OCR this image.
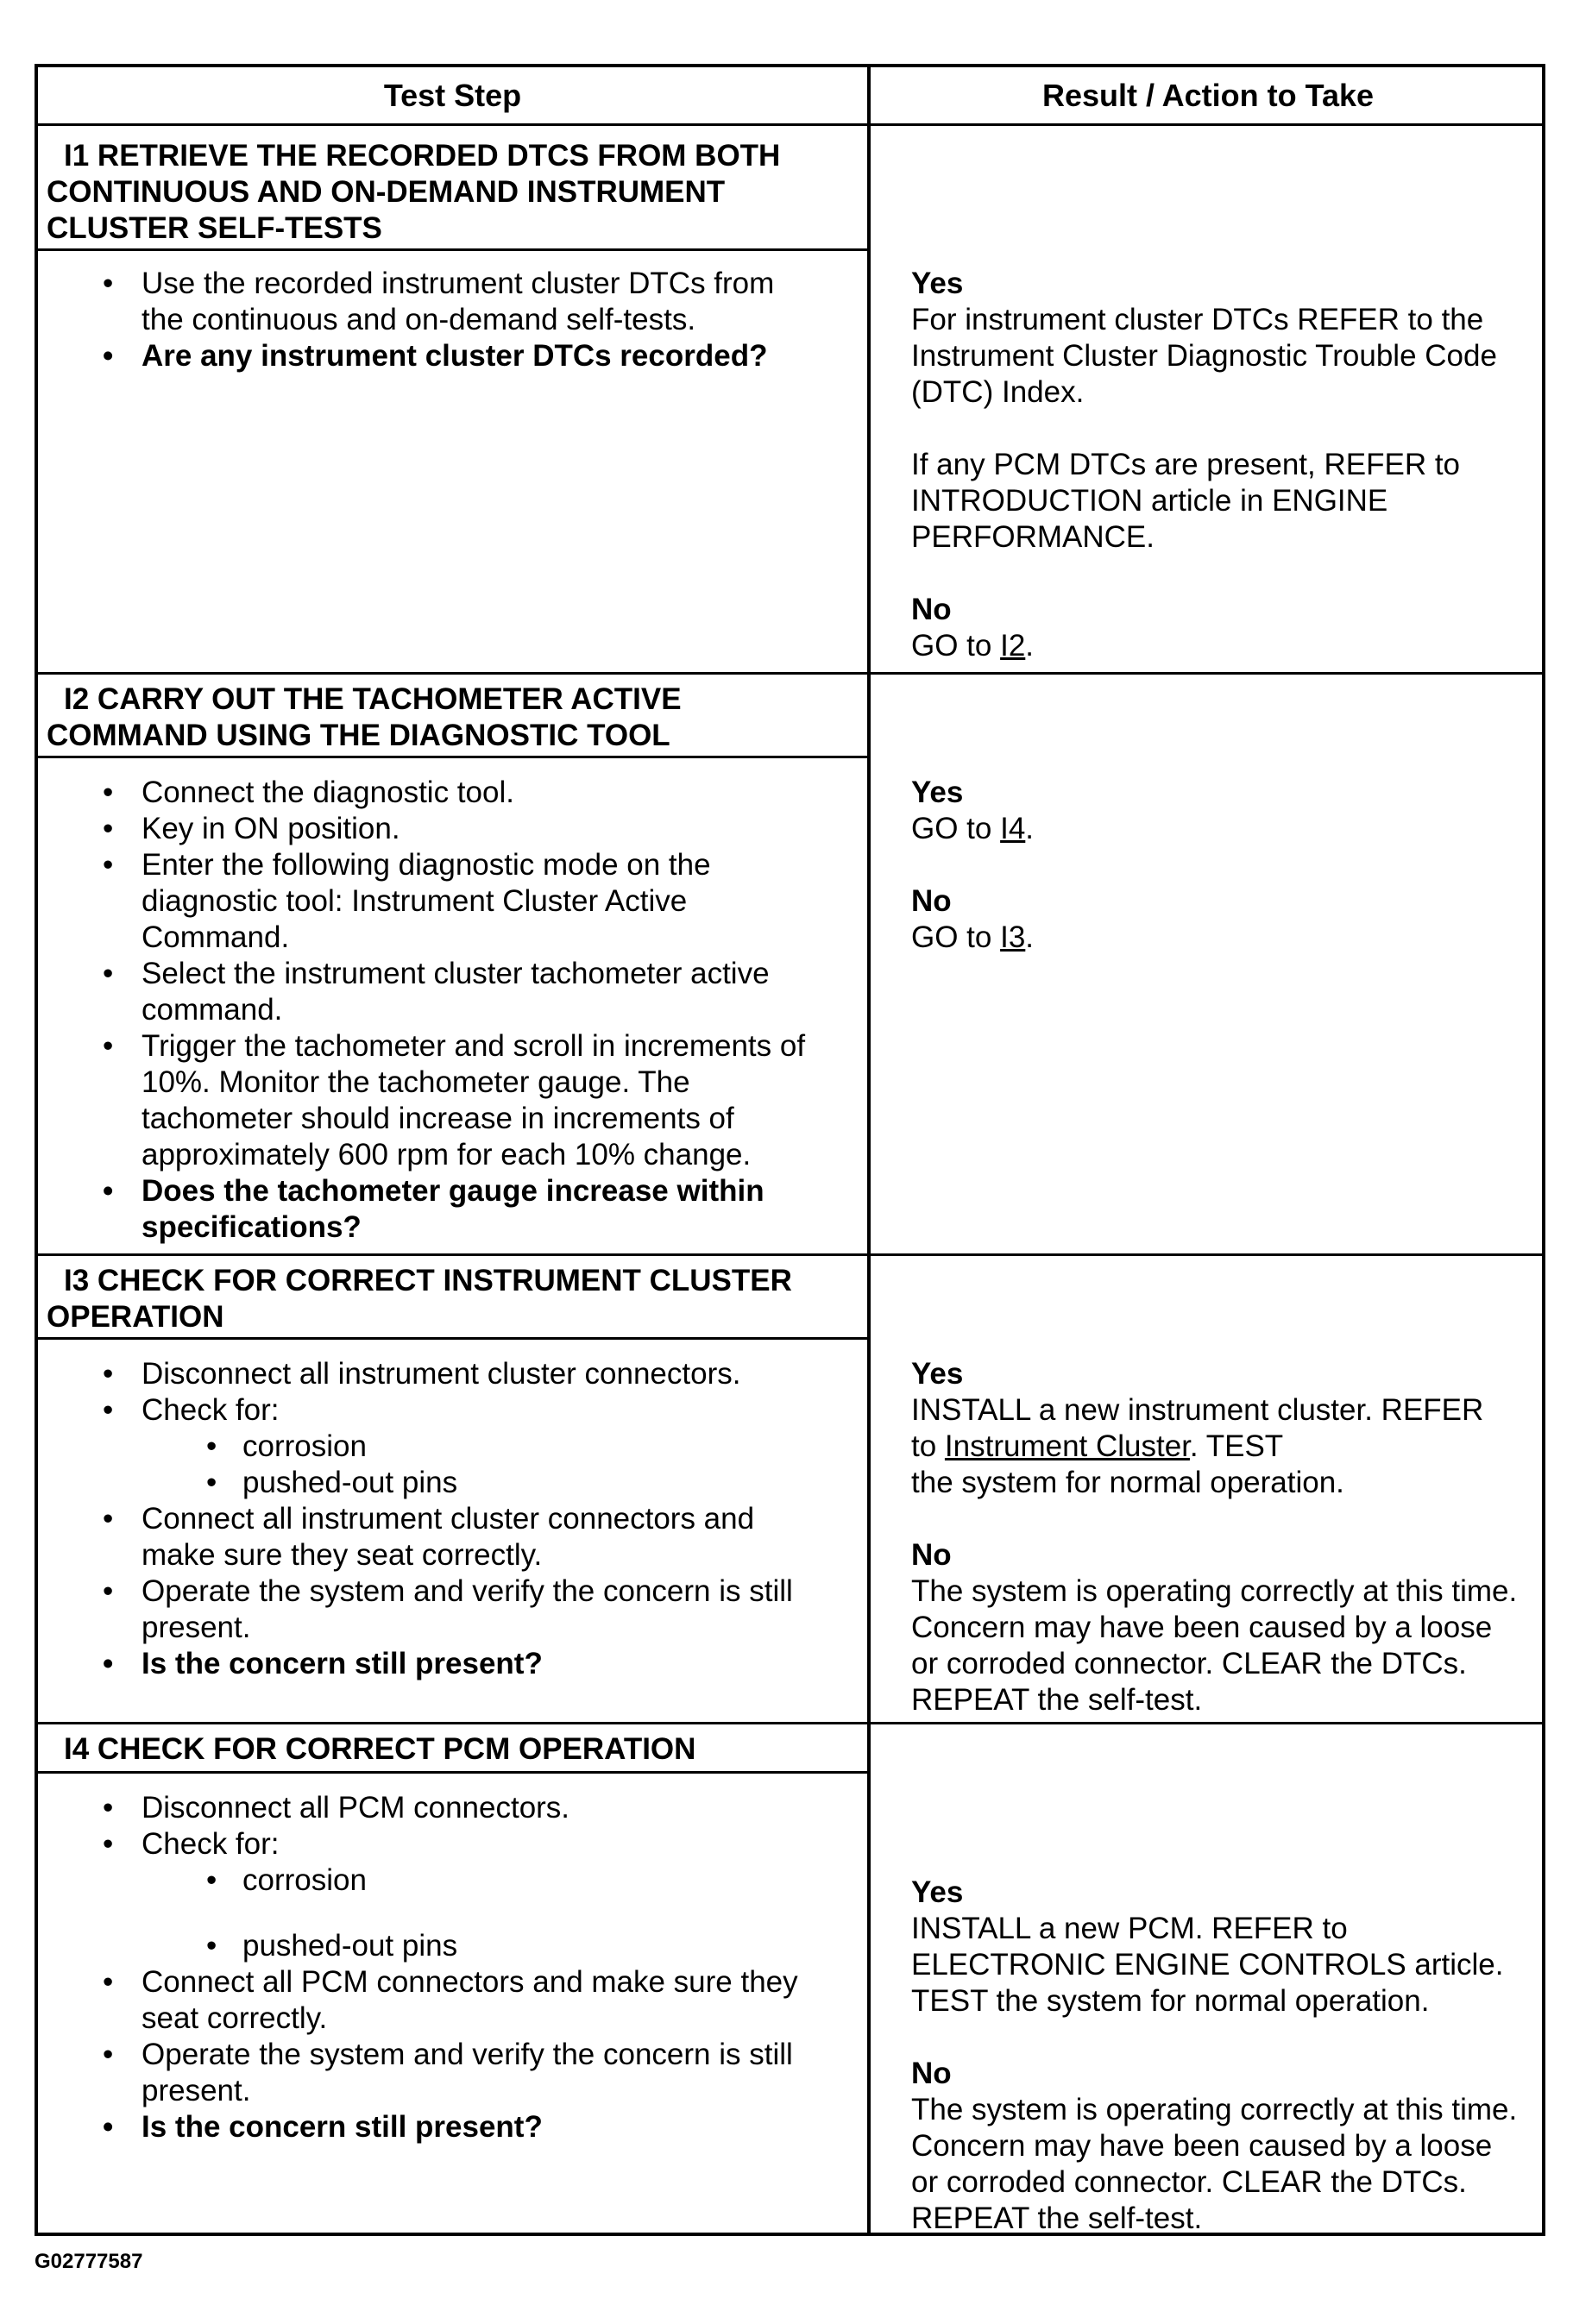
Test Step	Result / Action to Take
I1 RETRIEVE THE RECORDED DTCS FROM BOTH
CONTINUOUS AND ON-DEMAND INSTRUMENT
CLUSTER SELF-TESTS
• Use the recorded instrument cluster DTCs from
the continuous and on-demand self-tests.
• Are any instrument cluster DTCs recorded?
Yes

For instrument cluster DTCs REFER to the

Instrument Cluster Diagnostic Trouble Code

(DTC) Index.

If any PCM DTCs are present, REFER to

INTRODUCTION article in ENGINE

PERFORMANCE.

No

GO to I2.

I2 CARRY OUT THE TACHOMETER ACTIVE
COMMAND USING THE DIAGNOSTIC TOOL
• Connect the diagnostic tool.
• Key in ON position.
• Enter the following diagnostic mode on the
diagnostic tool: Instrument Cluster Active
Command.
• Select the instrument cluster tachometer active
command.
• Trigger the tachometer and scroll in increments of
10%. Monitor the tachometer gauge. The
tachometer should increase in increments of
approximately 600 rpm for each 10% change.
• Does the tachometer gauge increase within
specifications?
Yes

GO to I4.

No

GO to I3.

I3 CHECK FOR CORRECT INSTRUMENT CLUSTER
OPERATION
• Disconnect all instrument cluster connectors.
• Check for:
• corrosion
• pushed-out pins
• Connect all instrument cluster connectors and
make sure they seat correctly.
• Operate the system and verify the concern is still
present.
• Is the concern still present?
Yes

INSTALL a new instrument cluster. REFER

to Instrument Cluster. TEST

the system for normal operation.

No

The system is operating correctly at this time.

Concern may have been caused by a loose

or corroded connector. CLEAR the DTCs.

REPEAT the self-test.

I4 CHECK FOR CORRECT PCM OPERATION
• Disconnect all PCM connectors.
• Check for:
• corrosion
• pushed-out pins
• Connect all PCM connectors and make sure they
seat correctly.
• Operate the system and verify the concern is still
present.
• Is the concern still present?
Yes

INSTALL a new PCM. REFER to

ELECTRONIC ENGINE CONTROLS article.

TEST the system for normal operation.

No

The system is operating correctly at this time.

Concern may have been caused by a loose

or corroded connector. CLEAR the DTCs.

REPEAT the self-test.

G02777587
